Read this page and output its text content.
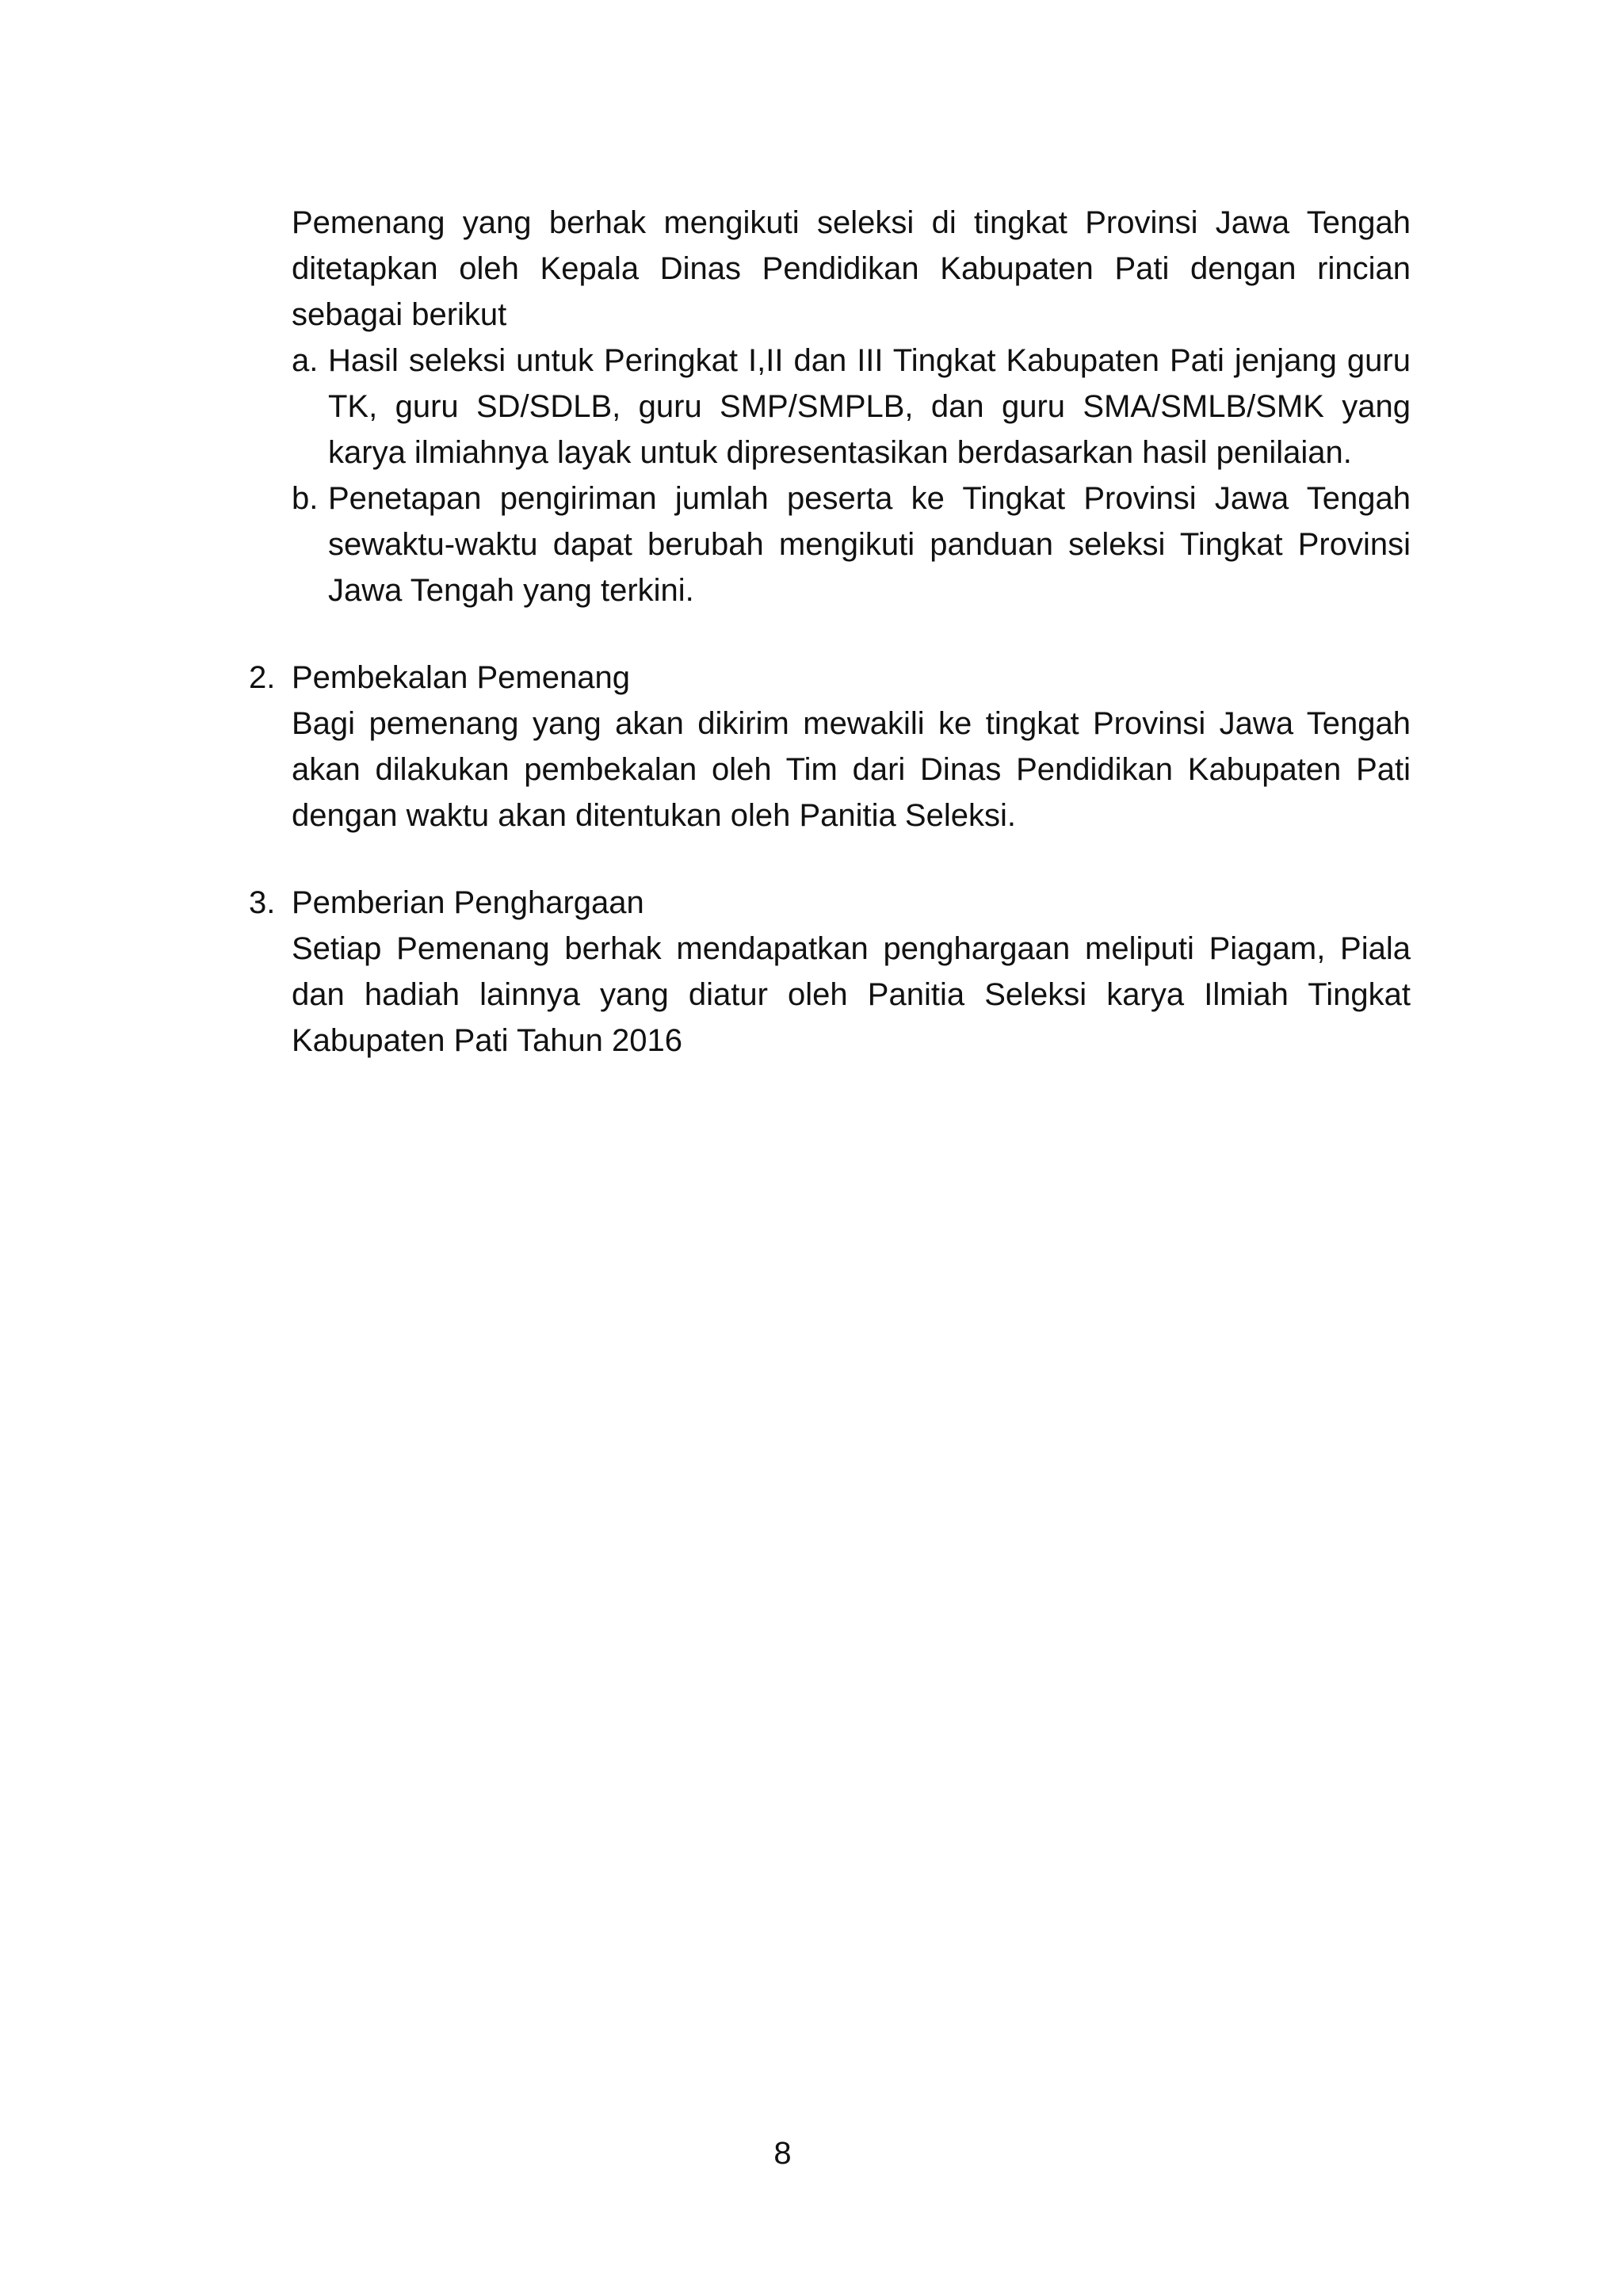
Pemenang yang berhak mengikuti seleksi di tingkat Provinsi Jawa Tengah ditetapkan oleh Kepala Dinas Pendidikan Kabupaten Pati dengan rincian sebagai berikut

a. Hasil seleksi untuk Peringkat I,II dan III Tingkat Kabupaten Pati jenjang guru TK, guru SD/SDLB, guru SMP/SMPLB, dan guru SMA/SMLB/SMK yang karya ilmiahnya layak untuk dipresentasikan berdasarkan hasil penilaian.
b. Penetapan pengiriman jumlah peserta ke Tingkat Provinsi Jawa Tengah sewaktu-waktu dapat berubah mengikuti panduan seleksi Tingkat Provinsi Jawa Tengah yang terkini.
2. Pembekalan Pemenang

Bagi pemenang yang akan dikirim mewakili ke tingkat Provinsi Jawa Tengah akan dilakukan pembekalan oleh Tim dari Dinas Pendidikan Kabupaten Pati dengan waktu akan ditentukan oleh Panitia Seleksi.

3. Pemberian Penghargaan

Setiap Pemenang berhak mendapatkan penghargaan meliputi Piagam, Piala dan hadiah lainnya yang diatur oleh Panitia Seleksi karya Ilmiah Tingkat Kabupaten Pati Tahun 2016

8
